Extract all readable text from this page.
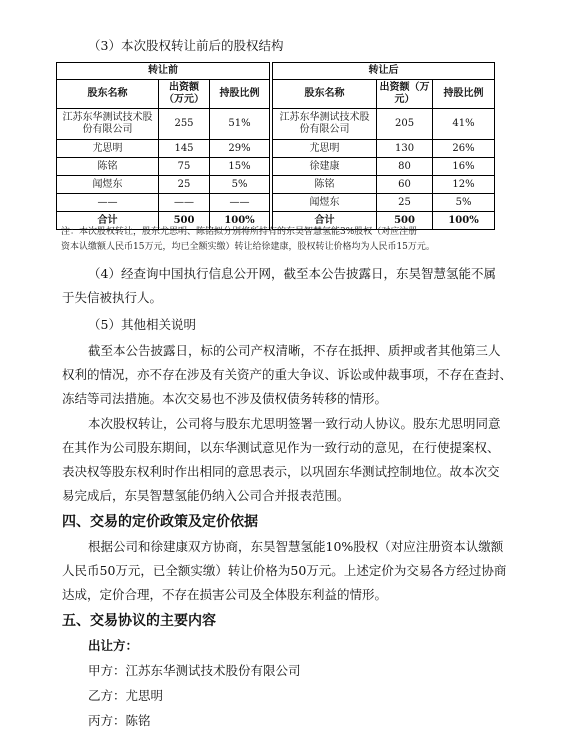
（3）本次股权转让前后的股权结构
转让前				转让后		
股东名称	出资额（万元）	持股比例		股东名称	出资额（万元）	持股比例
江苏东华测试技术股份有限公司	255	51%		江苏东华测试技术股份有限公司	205	41%
尤思明	145	29%		尤思明	130	26%
陈铭	75	15%		徐建康	80	16%
闻煜东	25	5%		陈铭	60	12%
——	——	——		闻煜东	25	5%
合计	500	100%		合计	500	100%
注：本次股权转让，股东尤思明、陈铭拟分别将所持有的东昊智慧氢能3%股权（对应注册
资本认缴额人民币15万元，均已全额实缴）转让给徐建康，股权转让价格均为人民币15万元。
（4）经查询中国执行信息公开网，截至本公告披露日，东昊智慧氢能不属
于失信被执行人。
（5）其他相关说明
截至本公告披露日，标的公司产权清晰，不存在抵押、质押或者其他第三人
权利的情况，亦不存在涉及有关资产的重大争议、诉讼或仲裁事项，不存在查封、
冻结等司法措施。本次交易也不涉及债权债务转移的情形。
本次股权转让，公司将与股东尤思明签署一致行动人协议。股东尤思明同意
在其作为公司股东期间，以东华测试意见作为一致行动的意见，在行使提案权、
表决权等股东权利时作出相同的意思表示，以巩固东华测试控制地位。故本次交
易完成后，东昊智慧氢能仍纳入公司合并报表范围。
四、交易的定价政策及定价依据
根据公司和徐建康双方协商，东昊智慧氢能10%股权（对应注册资本认缴额
人民币50万元，已全额实缴）转让价格为50万元。上述定价为交易各方经过协商
达成，定价合理，不存在损害公司及全体股东利益的情形。
五、交易协议的主要内容
出让方：
甲方：江苏东华测试技术股份有限公司
乙方：尤思明
丙方：陈铭
